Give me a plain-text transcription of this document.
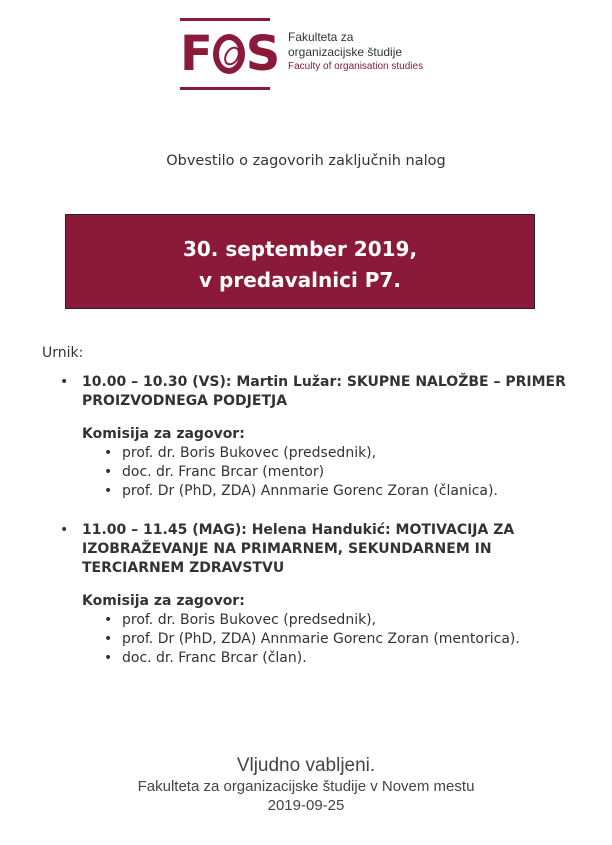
F S Fakulteta za
organizacijske študije
Faculty of organisation studies
Obvestilo o zagovorih zaključnih nalog
30. september 2019,
v predavalnici P7.
Urnik:
• 10.00 – 10.30 (VS): Martin Lužar: SKUPNE NALOŽBE – PRIMER PROIZVODNEGA PODJETJA
Komisija za zagovor:
• prof. dr. Boris Bukovec (predsednik),
• doc. dr. Franc Brcar (mentor)
• prof. Dr (PhD, ZDA) Annmarie Gorenc Zoran (članica).
• 11.00 – 11.45 (MAG): Helena Handukić: MOTIVACIJA ZA IZOBRAŽEVANJE NA PRIMARNEM, SEKUNDARNEM IN TERCIARNEM ZDRAVSTVU
Komisija za zagovor:
• prof. dr. Boris Bukovec (predsednik),
• prof. Dr (PhD, ZDA) Annmarie Gorenc Zoran (mentorica).
• doc. dr. Franc Brcar (član).
Vljudno vabljeni.
Fakulteta za organizacijske študije v Novem mestu
2019-09-25
